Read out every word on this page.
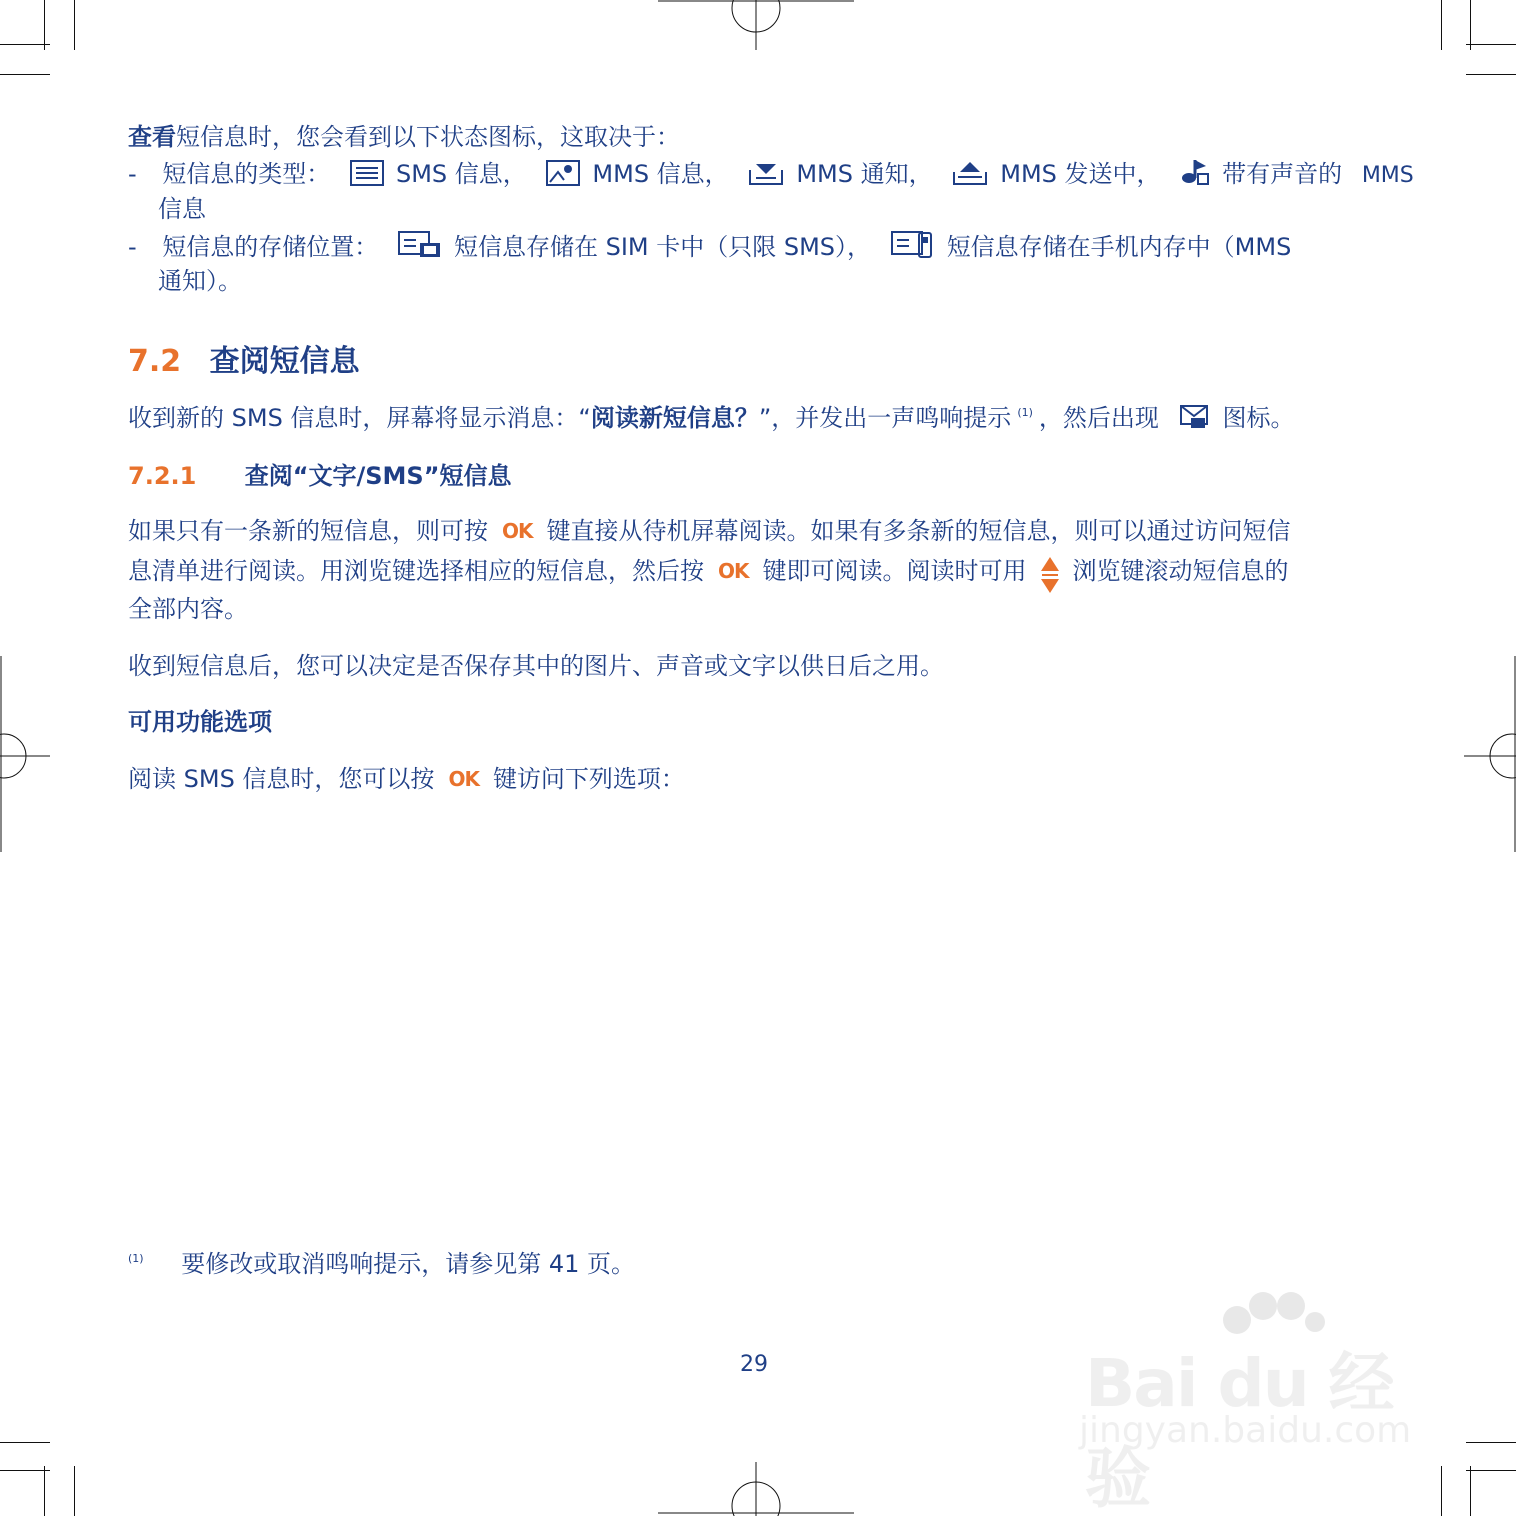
查看短信息时，您会看到以下状态图标，这取决于：
- 短信息的类型：	SMS 信息，	MMS 信息，	MMS 通知，	MMS 发送中，	带有声音的 MMS
信息
- 短信息的存储位置：	短信息存储在 SIM 卡中（只限 SMS），	短信息存储在手机内存中（MMS
通知）。
7.2 查阅短信息
收到新的 SMS 信息时，屏幕将显示消息：“阅读新短信息？”，并发出一声鸣响提示 $^{(1)}$ ，然后出现	图标。
7.2.1 查阅“文字/SMS”短信息
如果只有一条新的短信息，则可按 OK 键直接从待机屏幕阅读。如果有多条新的短信息，则可以通过访问短信
息清单进行阅读。用浏览键选择相应的短信息，然后按 OK 键即可阅读。阅读时可用 浏览键滚动短信息的
全部内容。
收到短信息后，您可以决定是否保存其中的图片、声音或文字以供日后之用。
可用功能选项
阅读 SMS 信息时，您可以按 OK 键访问下列选项：
$^{(1)}$ 要修改或取消鸣响提示，请参见第 41 页。
29	Bai du 经验
jingyan.baidu.com
